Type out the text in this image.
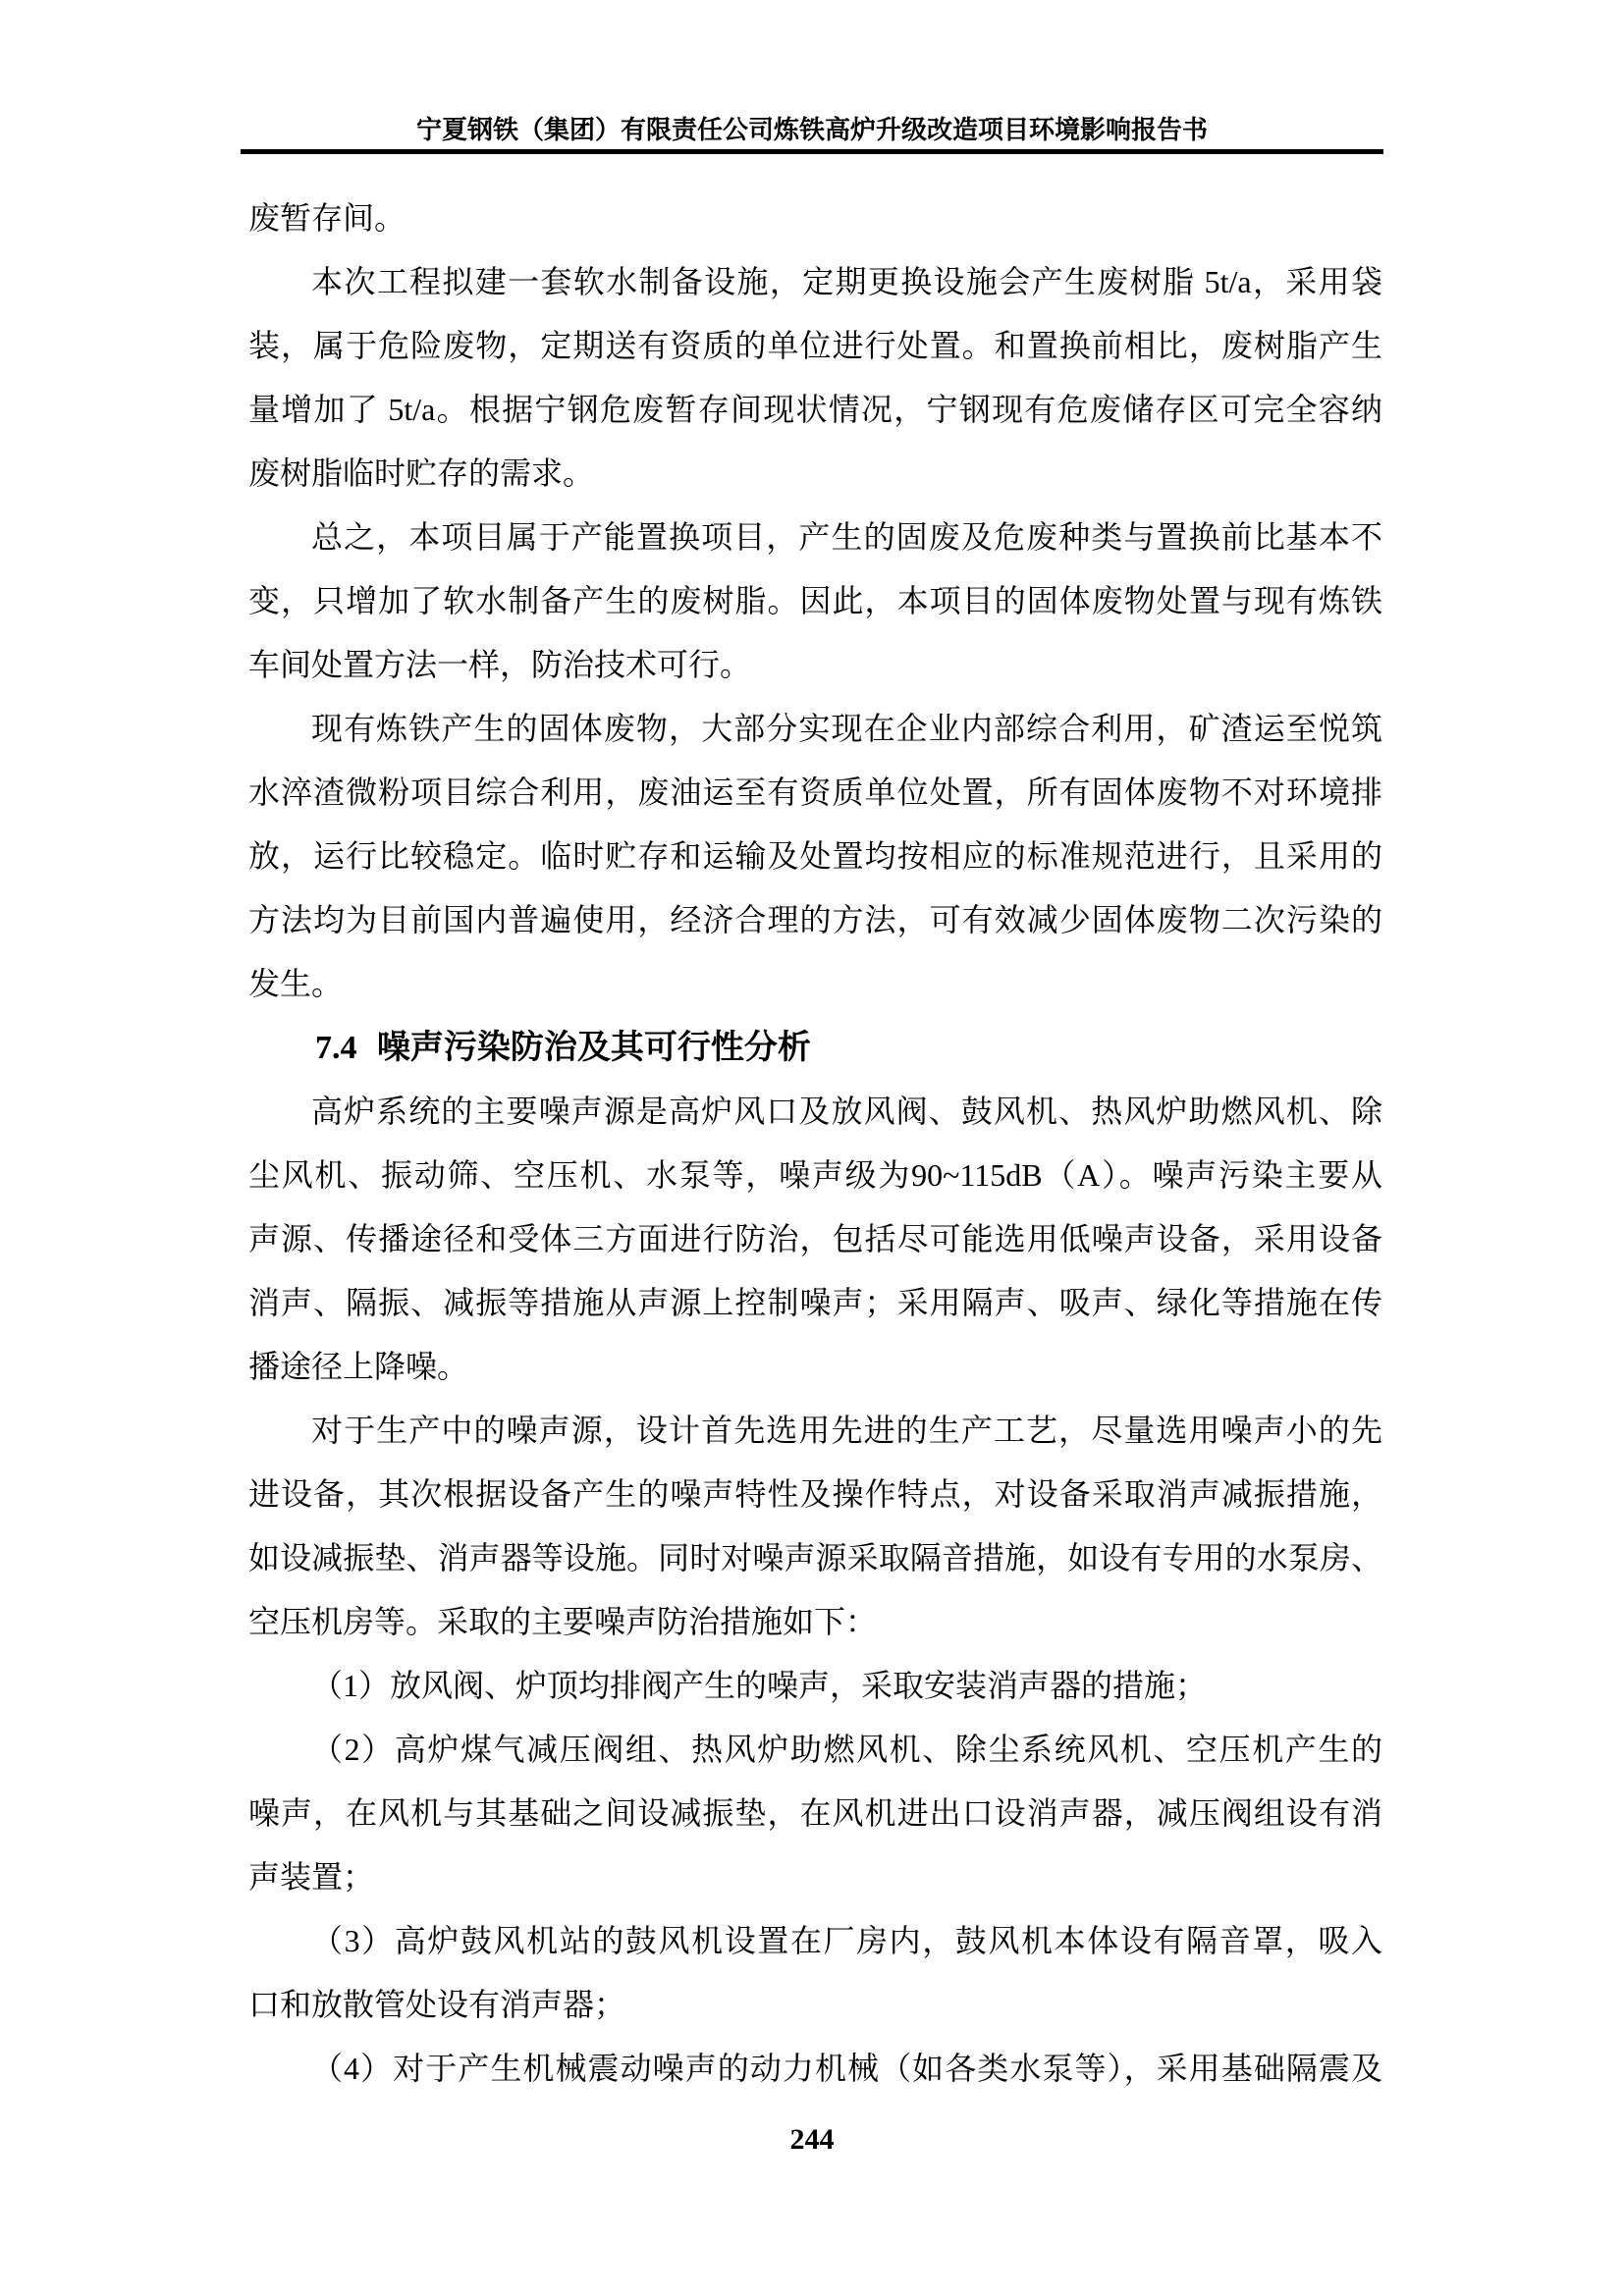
宁夏钢铁（集团）有限责任公司炼铁高炉升级改造项目环境影响报告书
废暂存间。
本次工程拟建一套软水制备设施，定期更换设施会产生废树脂 5t/a，采用袋
装，属于危险废物，定期送有资质的单位进行处置。和置换前相比，废树脂产生
量增加了 5t/a。根据宁钢危废暂存间现状情况，宁钢现有危废储存区可完全容纳
废树脂临时贮存的需求。
总之，本项目属于产能置换项目，产生的固废及危废种类与置换前比基本不
变，只增加了软水制备产生的废树脂。因此，本项目的固体废物处置与现有炼铁
车间处置方法一样，防治技术可行。
现有炼铁产生的固体废物，大部分实现在企业内部综合利用，矿渣运至悦筑
水淬渣微粉项目综合利用，废油运至有资质单位处置，所有固体废物不对环境排
放，运行比较稳定。临时贮存和运输及处置均按相应的标准规范进行，且采用的
方法均为目前国内普遍使用，经济合理的方法，可有效减少固体废物二次污染的
发生。
7.4 噪声污染防治及其可行性分析
高炉系统的主要噪声源是高炉风口及放风阀、鼓风机、热风炉助燃风机、除
尘风机、振动筛、空压机、水泵等，噪声级为90~115dB（A）。噪声污染主要从
声源、传播途径和受体三方面进行防治，包括尽可能选用低噪声设备，采用设备
消声、隔振、减振等措施从声源上控制噪声；采用隔声、吸声、绿化等措施在传
播途径上降噪。
对于生产中的噪声源，设计首先选用先进的生产工艺，尽量选用噪声小的先
进设备，其次根据设备产生的噪声特性及操作特点，对设备采取消声减振措施，
如设减振垫、消声器等设施。同时对噪声源采取隔音措施，如设有专用的水泵房、
空压机房等。采取的主要噪声防治措施如下：
（1）放风阀、炉顶均排阀产生的噪声，采取安装消声器的措施；
（2）高炉煤气减压阀组、热风炉助燃风机、除尘系统风机、空压机产生的
噪声，在风机与其基础之间设减振垫，在风机进出口设消声器，减压阀组设有消
声装置；
（3）高炉鼓风机站的鼓风机设置在厂房内，鼓风机本体设有隔音罩，吸入
口和放散管处设有消声器；
（4）对于产生机械震动噪声的动力机械（如各类水泵等），采用基础隔震及
244
